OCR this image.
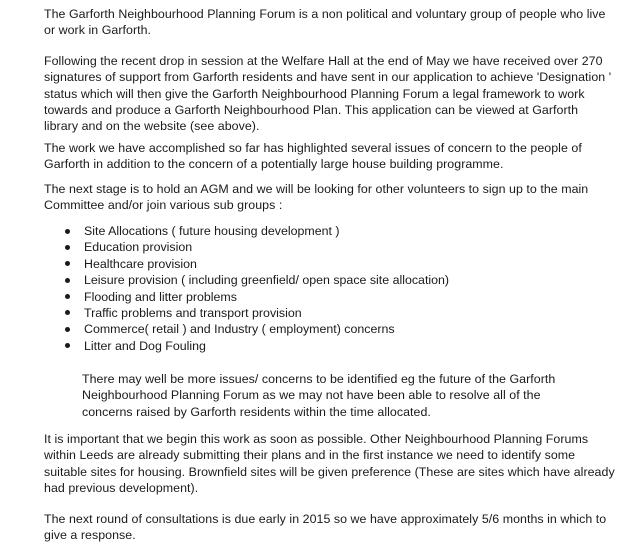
The Garforth Neighbourhood Planning Forum is a non political and voluntary group of people who live or work in Garforth.

Following the recent drop in session at the Welfare Hall at the end of May we have received over 270 signatures of support from Garforth residents and have sent in our application to achieve 'Designation ' status which will then give the Garforth Neighbourhood Planning Forum a legal framework to work towards and produce a Garforth Neighbourhood Plan. This application can be viewed at Garforth library and on the website (see above).

The work we have accomplished so far has highlighted several issues of concern to the people of Garforth in addition to the concern of a potentially large house building programme.

The next stage is to hold an AGM and we will be looking for other volunteers to sign up to the main Committee and/or join various sub groups :

Site Allocations ( future housing development )
Education provision
Healthcare provision
Leisure provision ( including greenfield/ open space site allocation)
Flooding and litter problems
Traffic problems and transport provision
Commerce( retail ) and Industry ( employment) concerns
Litter and Dog Fouling

There may well be more issues/ concerns to be identified eg the future of the Garforth Neighbourhood Planning Forum as we may not have been able to resolve all of the concerns raised by Garforth residents within the time allocated.

It is important that we begin this work as soon as possible. Other Neighbourhood Planning Forums within Leeds are already submitting their plans and in the first instance we need to identify some suitable sites for housing. Brownfield sites will be given preference (These are sites which have already had previous development).

The next round of consultations is due early in 2015 so we have approximately 5/6 months in which to give a response.
